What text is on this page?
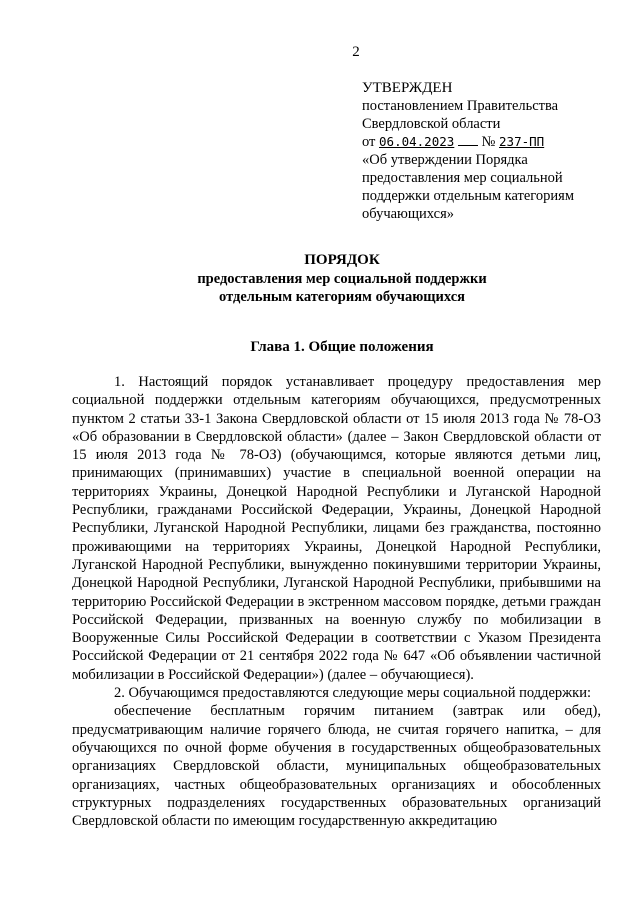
2
УТВЕРЖДЕН
постановлением Правительства
Свердловской области
от 06.04.2023 № 237-ПП
«Об утверждении Порядка
предоставления мер социальной
поддержки отдельным категориям
обучающихся»
ПОРЯДОК
предоставления мер социальной поддержки
отдельным категориям обучающихся
Глава 1. Общие положения

1. Настоящий порядок устанавливает процедуру предоставления мер социальной поддержки отдельным категориям обучающихся, предусмотренных пунктом 2 статьи 33-1 Закона Свердловской области от 15 июля 2013 года № 78-ОЗ «Об образовании в Свердловской области» (далее – Закон Свердловской области от 15 июля 2013 года № 78-ОЗ) (обучающимся, которые являются детьми лиц, принимающих (принимавших) участие в специальной военной операции на территориях Украины, Донецкой Народной Республики и Луганской Народной Республики, гражданами Российской Федерации, Украины, Донецкой Народной Республики, Луганской Народной Республики, лицами без гражданства, постоянно проживающими на территориях Украины, Донецкой Народной Республики, Луганской Народной Республики, вынужденно покинувшими территории Украины, Донецкой Народной Республики, Луганской Народной Республики, прибывшими на территорию Российской Федерации в экстренном массовом порядке, детьми граждан Российской Федерации, призванных на военную службу по мобилизации в Вооруженные Силы Российской Федерации в соответствии с Указом Президента Российской Федерации от 21 сентября 2022 года № 647 «Об объявлении частичной мобилизации в Российской Федерации») (далее – обучающиеся).

2. Обучающимся предоставляются следующие меры социальной поддержки:

обеспечение бесплатным горячим питанием (завтрак или обед), предусматривающим наличие горячего блюда, не считая горячего напитка, – для обучающихся по очной форме обучения в государственных общеобразовательных организациях Свердловской области, муниципальных общеобразовательных организациях, частных общеобразовательных организациях и обособленных структурных подразделениях государственных образовательных организаций Свердловской области по имеющим государственную аккредитацию
